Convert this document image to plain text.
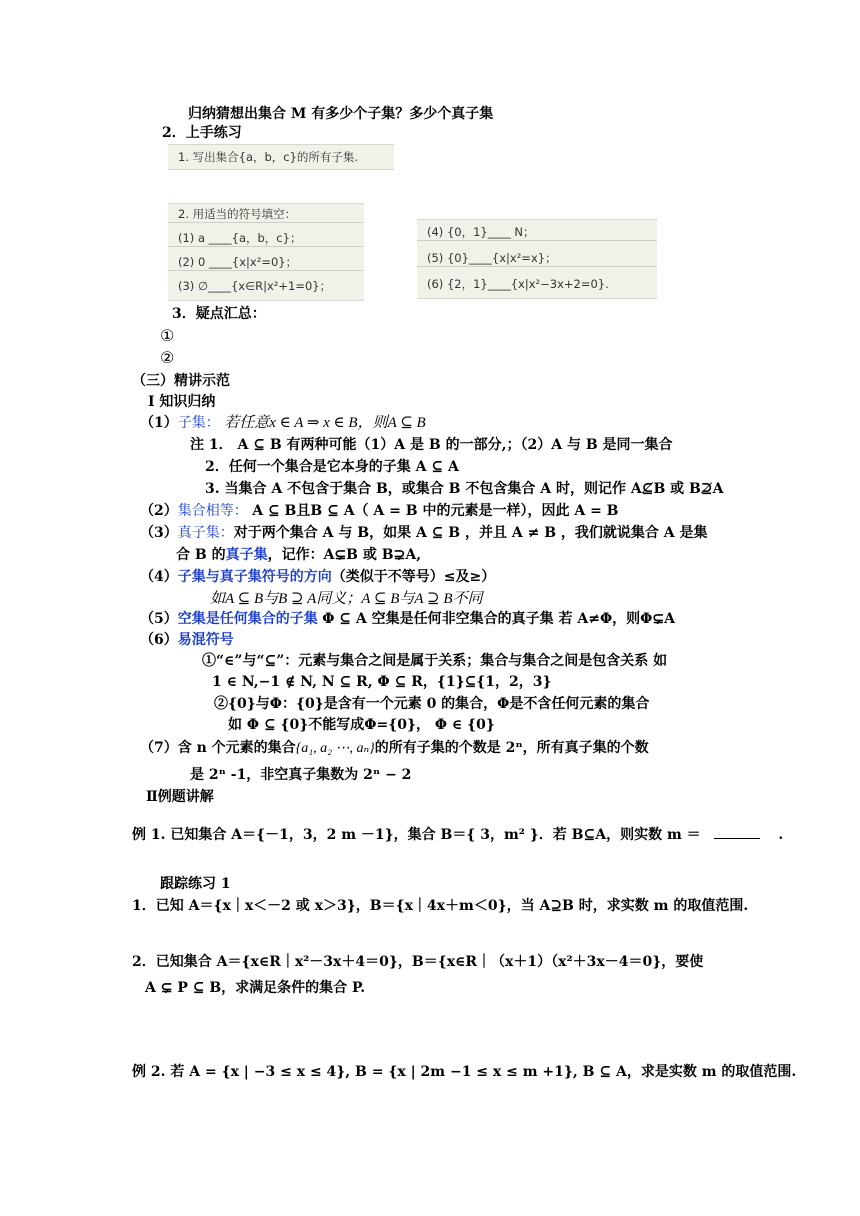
归纳猜想出集合 M 有多少个子集？多少个真子集
2．上手练习
1. 写出集合{a，b，c}的所有子集.
2. 用适当的符号填空：
(1) a ____{a，b，c}；
(2) 0 ____{x|x²=0}；
(3) ∅____{x∈R|x²+1=0}；
(4) {0，1}____ N；
(5) {0}____{x|x²=x}；
(6) {2，1}____{x|x²−3x+2=0}.
3．疑点汇总：
①
②
（三）精讲示范
Ⅰ 知识归纳
（1）子集： 若任意x ∈ A ⇒ x ∈ B，则A ⊆ B
注 1． A ⊆ B 有两种可能（1）A 是 B 的一部分,；（2）A 与 B 是同一集合
2．任何一个集合是它本身的子集 A ⊆ A
3. 当集合 A 不包含于集合 B，或集合 B 不包含集合 A 时，则记作 A⊈B 或 B⊉A
（2）集合相等： A ⊆ B且B ⊆ A（ A = B 中的元素是一样），因此 A = B
（3）真子集：对于两个集合 A 与 B，如果 A ⊆ B ，并且 A ≠ B ，我们就说集合 A 是集
合 B 的真子集，记作：A⊊B 或 B⊋A,
（4）子集与真子集符号的方向（类似于不等号）≤及≥）
如A ⊆ B与B ⊇ A同义；A ⊆ B与A ⊇ B不同
（5）空集是任何集合的子集 Φ ⊆ A 空集是任何非空集合的真子集 若 A≠Φ，则Φ⊊A
（6）易混符号
①“∈”与“⊆”：元素与集合之间是属于关系；集合与集合之间是包含关系 如
1 ∈ N,−1 ∉ N, N ⊆ R, Φ ⊆ R，{1}⊆{1，2，3}
②{0}与Φ：{0}是含有一个元素 0 的集合，Φ是不含任何元素的集合
如 Φ ⊆ {0}不能写成Φ={0}， Φ ∈ {0}
（7）含 n 个元素的集合{a₁, a₂ ⋯, aₙ}的所有子集的个数是 2ⁿ，所有真子集的个数
是 2ⁿ -1，非空真子集数为 2ⁿ − 2
Ⅱ例题讲解
例 1. 已知集合 A＝{－1，3，2 m －1}，集合 B＝{ 3，m² }．若 B⊆A，则实数 m ＝	.
跟踪练习 1
1．已知 A＝{x｜x＜－2 或 x＞3}，B＝{x｜4x＋m＜0}，当 A⊇B 时，求实数 m 的取值范围.
2．已知集合 A＝{x∈R｜x²－3x＋4＝0}，B＝{x∈R｜（x＋1）（x²＋3x－4＝0}，要使
A ⊊ P ⊆ B，求满足条件的集合 P.
例 2. 若 A = {x | −3 ≤ x ≤ 4}, B = {x | 2m −1 ≤ x ≤ m +1}, B ⊆ A，求是实数 m 的取值范围.
